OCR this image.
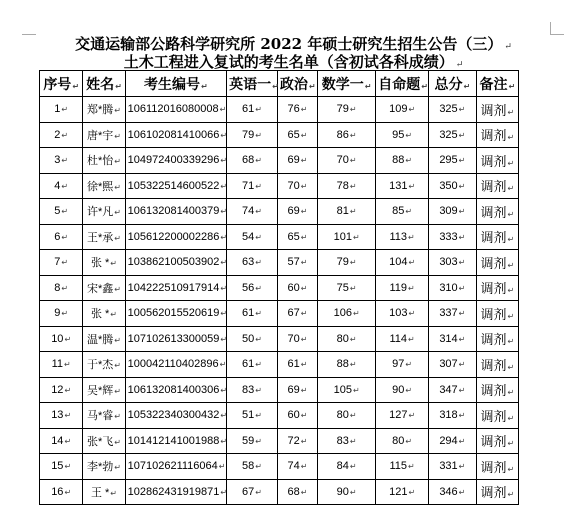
交通运输部公路科学研究所 2022 年硕士研究生招生公告（三） ↵
土木工程进入复试的考生名单（含初试各科成绩） ↵
序号↵	姓名↵	考生编号↵	英语一↵	政治↵	数学一↵	自命题↵	总分↵	备注↵
1↵	郑*腾↵	106112016080008↵	61↵	76↵	79↵	109↵	325↵	调剂↵
2↵	唐*宇↵	106102081410066↵	79↵	65↵	86↵	95↵	325↵	调剂↵
3↵	杜*怡↵	104972400339296↵	68↵	69↵	70↵	88↵	295↵	调剂↵
4↵	徐*熙↵	105322514600522↵	71↵	70↵	78↵	131↵	350↵	调剂↵
5↵	许*凡↵	106132081400379↵	74↵	69↵	81↵	85↵	309↵	调剂↵
6↵	王*承↵	105612200002286↵	54↵	65↵	101↵	113↵	333↵	调剂↵
7↵	张 *↵	103862100503902↵	63↵	57↵	79↵	104↵	303↵	调剂↵
8↵	宋*鑫↵	104222510917914↵	56↵	60↵	75↵	119↵	310↵	调剂↵
9↵	张 *↵	100562015520619↵	61↵	67↵	106↵	103↵	337↵	调剂↵
10↵	温*腾↵	107102613300059↵	50↵	70↵	80↵	114↵	314↵	调剂↵
11↵	于*杰↵	100042110402896↵	61↵	61↵	88↵	97↵	307↵	调剂↵
12↵	吴*辉↵	106132081400306↵	83↵	69↵	105↵	90↵	347↵	调剂↵
13↵	马*睿↵	105322340300432↵	51↵	60↵	80↵	127↵	318↵	调剂↵
14↵	张*飞↵	101412141001988↵	59↵	72↵	83↵	80↵	294↵	调剂↵
15↵	李*勃↵	107102621116064↵	58↵	74↵	84↵	115↵	331↵	调剂↵
16↵	王 *↵	102862431919871↵	67↵	68↵	90↵	121↵	346↵	调剂↵
